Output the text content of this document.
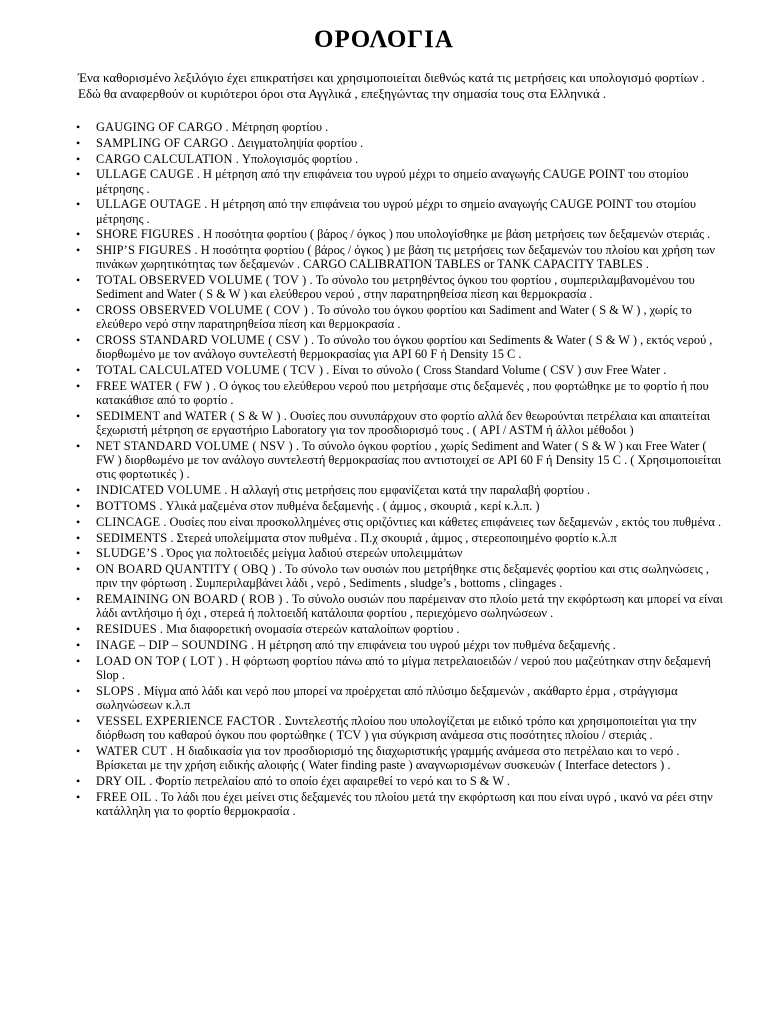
ΟΡΟΛΟΓΙΑ

Ένα καθορισμένο λεξιλόγιο έχει επικρατήσει και χρησιμοποιείται διεθνώς κατά τις μετρήσεις και υπολογισμό φορτίων . Εδώ θα αναφερθούν οι κυριότεροι όροι στα Αγγλικά , επεξηγώντας την σημασία τους στα Ελληνικά .

• GAUGING OF CARGO . Μέτρηση φορτίου .
• SAMPLING OF CARGO . Δειγματοληψία φορτίου .
• CARGO CALCULATION . Υπολογισμός φορτίου .
• ULLAGE CAUGE . Η μέτρηση από την επιφάνεια του υγρού μέχρι το σημείο αναγωγής CAUGE POINT του στομίου μέτρησης .
• ULLAGE OUTAGE . Η μέτρηση από την επιφάνεια του υγρού μέχρι το σημείο αναγωγής CAUGE POINT του στομίου μέτρησης .
• SHORE FIGURES . Η ποσότητα φορτίου ( βάρος / όγκος ) που υπολογίσθηκε με βάση μετρήσεις των δεξαμενών στεριάς .
• SHIP’S FIGURES . Η ποσότητα φορτίου ( βάρος / όγκος ) με βάση τις μετρήσεις των δεξαμενών του πλοίου και χρήση των πινάκων χωρητικότητας των δεξαμενών . CARGO CALIBRATION TABLES or TANK CAPACITY TABLES .
• TOTAL OBSERVED VOLUME ( TOV ) . Το σύνολο του μετρηθέντος όγκου του φορτίου , συμπεριλαμβανομένου του Sediment and Water ( S & W ) και ελεύθερου νερού , στην παρατηρηθείσα πίεση και θερμοκρασία .
• CROSS OBSERVED VOLUME ( COV ) . Το σύνολο του όγκου φορτίου και Sadiment and Water ( S & W ) , χωρίς το ελεύθερο νερό στην παρατηρηθείσα πίεση και θερμοκρασία .
• CROSS STANDARD VOLUME ( CSV ) . Το σύνολο του όγκου φορτίου και Sediments & Water ( S & W ) , εκτός νερού , διορθωμένο με τον ανάλογο συντελεστή θερμοκρασίας για API 60 F ή Density 15 C .
• TOTAL CALCULATED VOLUME ( TCV ) . Είναι το σύνολο ( Cross Standard Volume ( CSV ) συν Free Water .
• FREE WATER ( FW ) . Ο όγκος του ελεύθερου νερού που μετρήσαμε στις δεξαμενές , που φορτώθηκε με το φορτίο ή που κατακάθισε από το φορτίο .
• SEDIMENT and WATER ( S & W ) . Ουσίες που συνυπάρχουν στο φορτίο αλλά δεν θεωρούνται πετρέλαια και απαιτείται ξεχωριστή μέτρηση σε εργαστήριο Laboratory για τον προσδιορισμό τους . ( API / ASTM ή άλλοι μέθοδοι )
• NET STANDARD VOLUME ( NSV ) . Το σύνολο όγκου φορτίου , χωρίς Sediment and Water ( S & W ) και Free Water ( FW ) διορθωμένο με τον ανάλογο συντελεστή θερμοκρασίας που αντιστοιχεί σε API 60 F ή Density 15 C . ( Χρησιμοποιείται στις φορτωτικές ) .
• INDICATED VOLUME . Η αλλαγή στις μετρήσεις που εμφανίζεται κατά την παραλαβή φορτίου .
• BOTTOMS . Υλικά μαζεμένα στον πυθμένα δεξαμενής . ( άμμος , σκουριά , κερί κ.λ.π. )
• CLINCAGE . Ουσίες που είναι προσκολλημένες στις οριζόντιες και κάθετες επιφάνειες των δεξαμενών , εκτός του πυθμένα .
• SEDIMENTS . Στερεά υπολείμματα στον πυθμένα . Π.χ σκουριά , άμμος , στερεοποιημένο φορτίο κ.λ.π
• SLUDGE’S . Όρος για πολτοειδές μείγμα λαδιού στερεών υπολειμμάτων
• ON BOARD QUANTITY ( OBQ ) . Το σύνολο των ουσιών που μετρήθηκε στις δεξαμενές φορτίου και στις σωληνώσεις , πριν την φόρτωση . Συμπεριλαμβάνει λάδι , νερό , Sediments , sludge’s , bottoms , clingages .
• REMAINING ON BOARD ( ROB ) . Το σύνολο ουσιών που παρέμειναν στο πλοίο μετά την εκφόρτωση και μπορεί να είναι λάδι αντλήσιμο ή όχι , στερεά ή πολτοειδή κατάλοιπα φορτίου , περιεχόμενο σωληνώσεων .
• RESIDUES . Μια διαφορετική ονομασία στερεών καταλοίπων φορτίου .
• INAGE – DIP – SOUNDING . Η μέτρηση από την επιφάνεια του υγρού μέχρι τον πυθμένα δεξαμενής .
• LOAD ON TOP ( LOT ) . Η φόρτωση φορτίου πάνω από το μίγμα πετρελαιοειδών / νερού που μαζεύτηκαν στην δεξαμενή Slop .
• SLOPS . Μίγμα από λάδι και νερό που μπορεί να προέρχεται από πλύσιμο δεξαμενών , ακάθαρτο έρμα , στράγγισμα σωληνώσεων κ.λ.π
• VESSEL EXPERIENCE FACTOR . Συντελεστής πλοίου που υπολογίζεται με ειδικό τρόπο και χρησιμοποιείται για την διόρθωση του καθαρού όγκου που φορτώθηκε ( TCV ) για σύγκριση ανάμεσα στις ποσότητες πλοίου / στεριάς .
• WATER CUT . Η διαδικασία για τον προσδιορισμό της διαχωριστικής γραμμής ανάμεσα στο πετρέλαιο και το νερό . Βρίσκεται με την χρήση ειδικής αλοιφής ( Water finding paste ) αναγνωρισμένων συσκευών ( Interface detectors ) .
• DRY OIL . Φορτίο πετρελαίου από το οποίο έχει αφαιρεθεί το νερό και το S & W .
• FREE OIL . Το λάδι που έχει μείνει στις δεξαμενές του πλοίου μετά την εκφόρτωση και που είναι υγρό , ικανό να ρέει στην κατάλληλη για το φορτίο θερμοκρασία .
